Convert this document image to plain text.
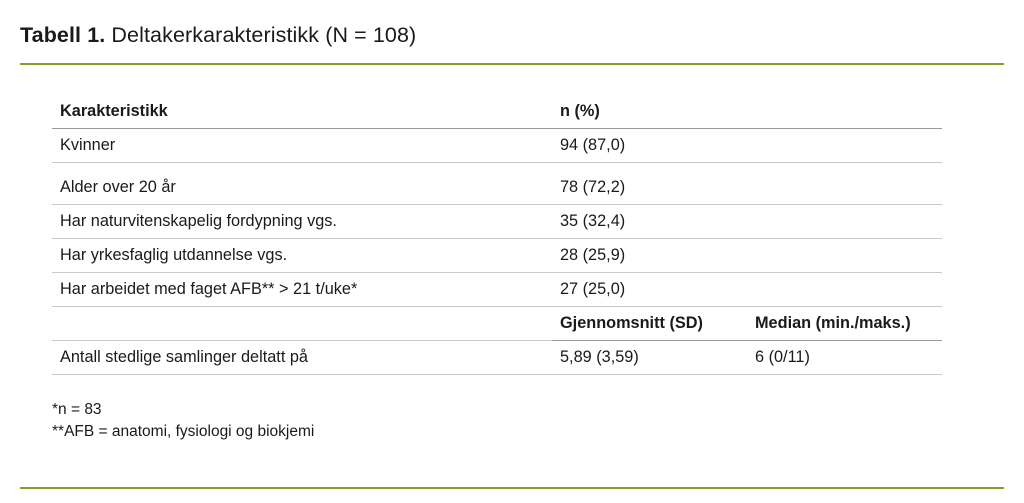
Tabell 1. Deltakerkarakteristikk (N = 108)
Karakteristikk	n (%)	
Kvinner	94 (87,0)	

Alder over 20 år	78 (72,2)	
Har naturvitenskapelig fordypning vgs.	35 (32,4)	
Har yrkesfaglig utdannelse vgs.	28 (25,9)	
Har arbeidet med faget AFB** > 21 t/uke*	27 (25,0)	
	Gjennomsnitt (SD)	Median (min./maks.)
Antall stedlige samlinger deltatt på	5,89 (3,59)	6 (0/11)
*n = 83
**AFB = anatomi, fysiologi og biokjemi
